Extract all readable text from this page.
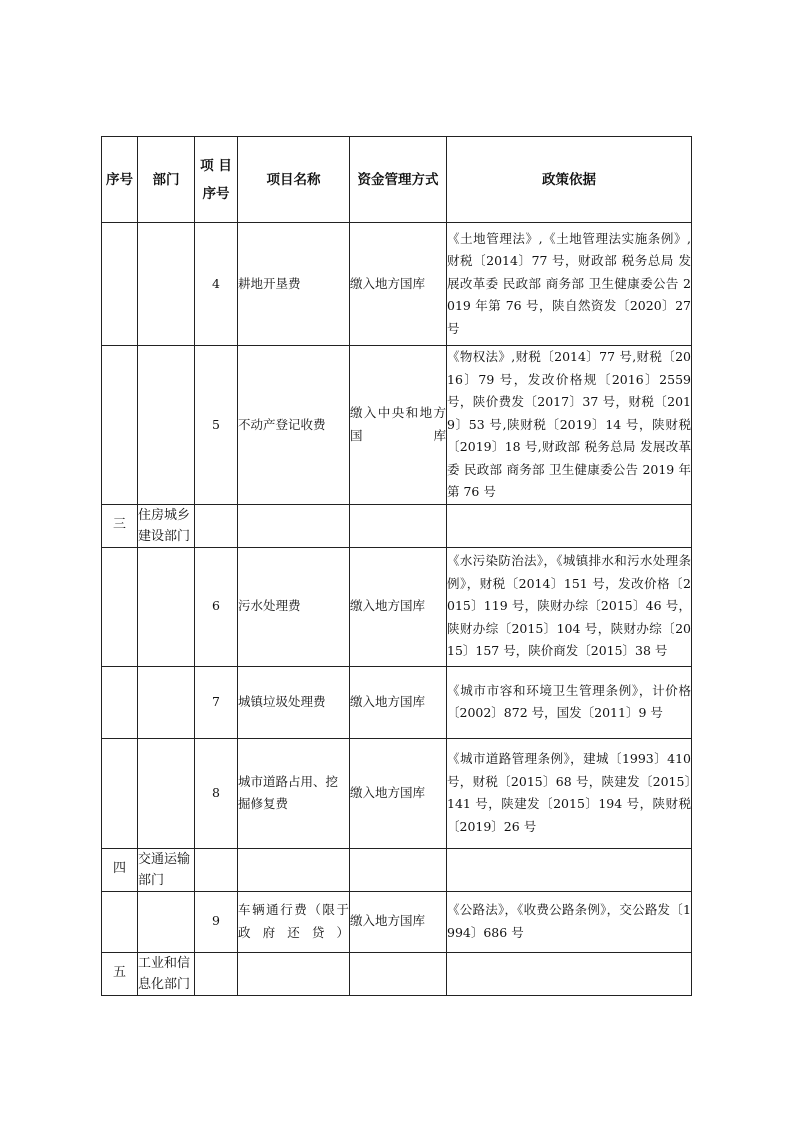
序号	部门	项 目 序号	项目名称	资金管理方式	政策依据
		4	耕地开垦费	缴入地方国库	《土地管理法》,《土地管理法实施条例》,财税〔2014〕77 号，财政部 税务总局 发展改革委 民政部 商务部 卫生健康委公告 2019 年第 76 号，陕自然资发〔2020〕27 号
		5	不动产登记收费	缴入中央和地方国库	《物权法》,财税〔2014〕77 号,财税〔2016〕79 号，发改价格规〔2016〕2559 号，陕价费发〔2017〕37 号，财税〔2019〕53 号,陕财税〔2019〕14 号，陕财税〔2019〕18 号,财政部 税务总局 发展改革委 民政部 商务部 卫生健康委公告 2019 年第 76 号
三	住房城乡建设部门				
		6	污水处理费	缴入地方国库	《水污染防治法》，《城镇排水和污水处理条例》，财税〔2014〕151 号，发改价格〔2015〕119 号，陕财办综〔2015〕46 号，陕财办综〔2015〕104 号，陕财办综〔2015〕157 号，陕价商发〔2015〕38 号
		7	城镇垃圾处理费	缴入地方国库	《城市市容和环境卫生管理条例》，计价格〔2002〕872 号，国发〔2011〕9 号
		8	城市道路占用、挖掘修复费	缴入地方国库	《城市道路管理条例》，建城〔1993〕410 号，财税〔2015〕68 号，陕建发〔2015〕141 号，陕建发〔2015〕194 号，陕财税〔2019〕26 号
四	交通运输部门				
		9	车辆通行费（限于政府还贷）	缴入地方国库	《公路法》，《收费公路条例》，交公路发〔1994〕686 号
五	工业和信息化部门				
